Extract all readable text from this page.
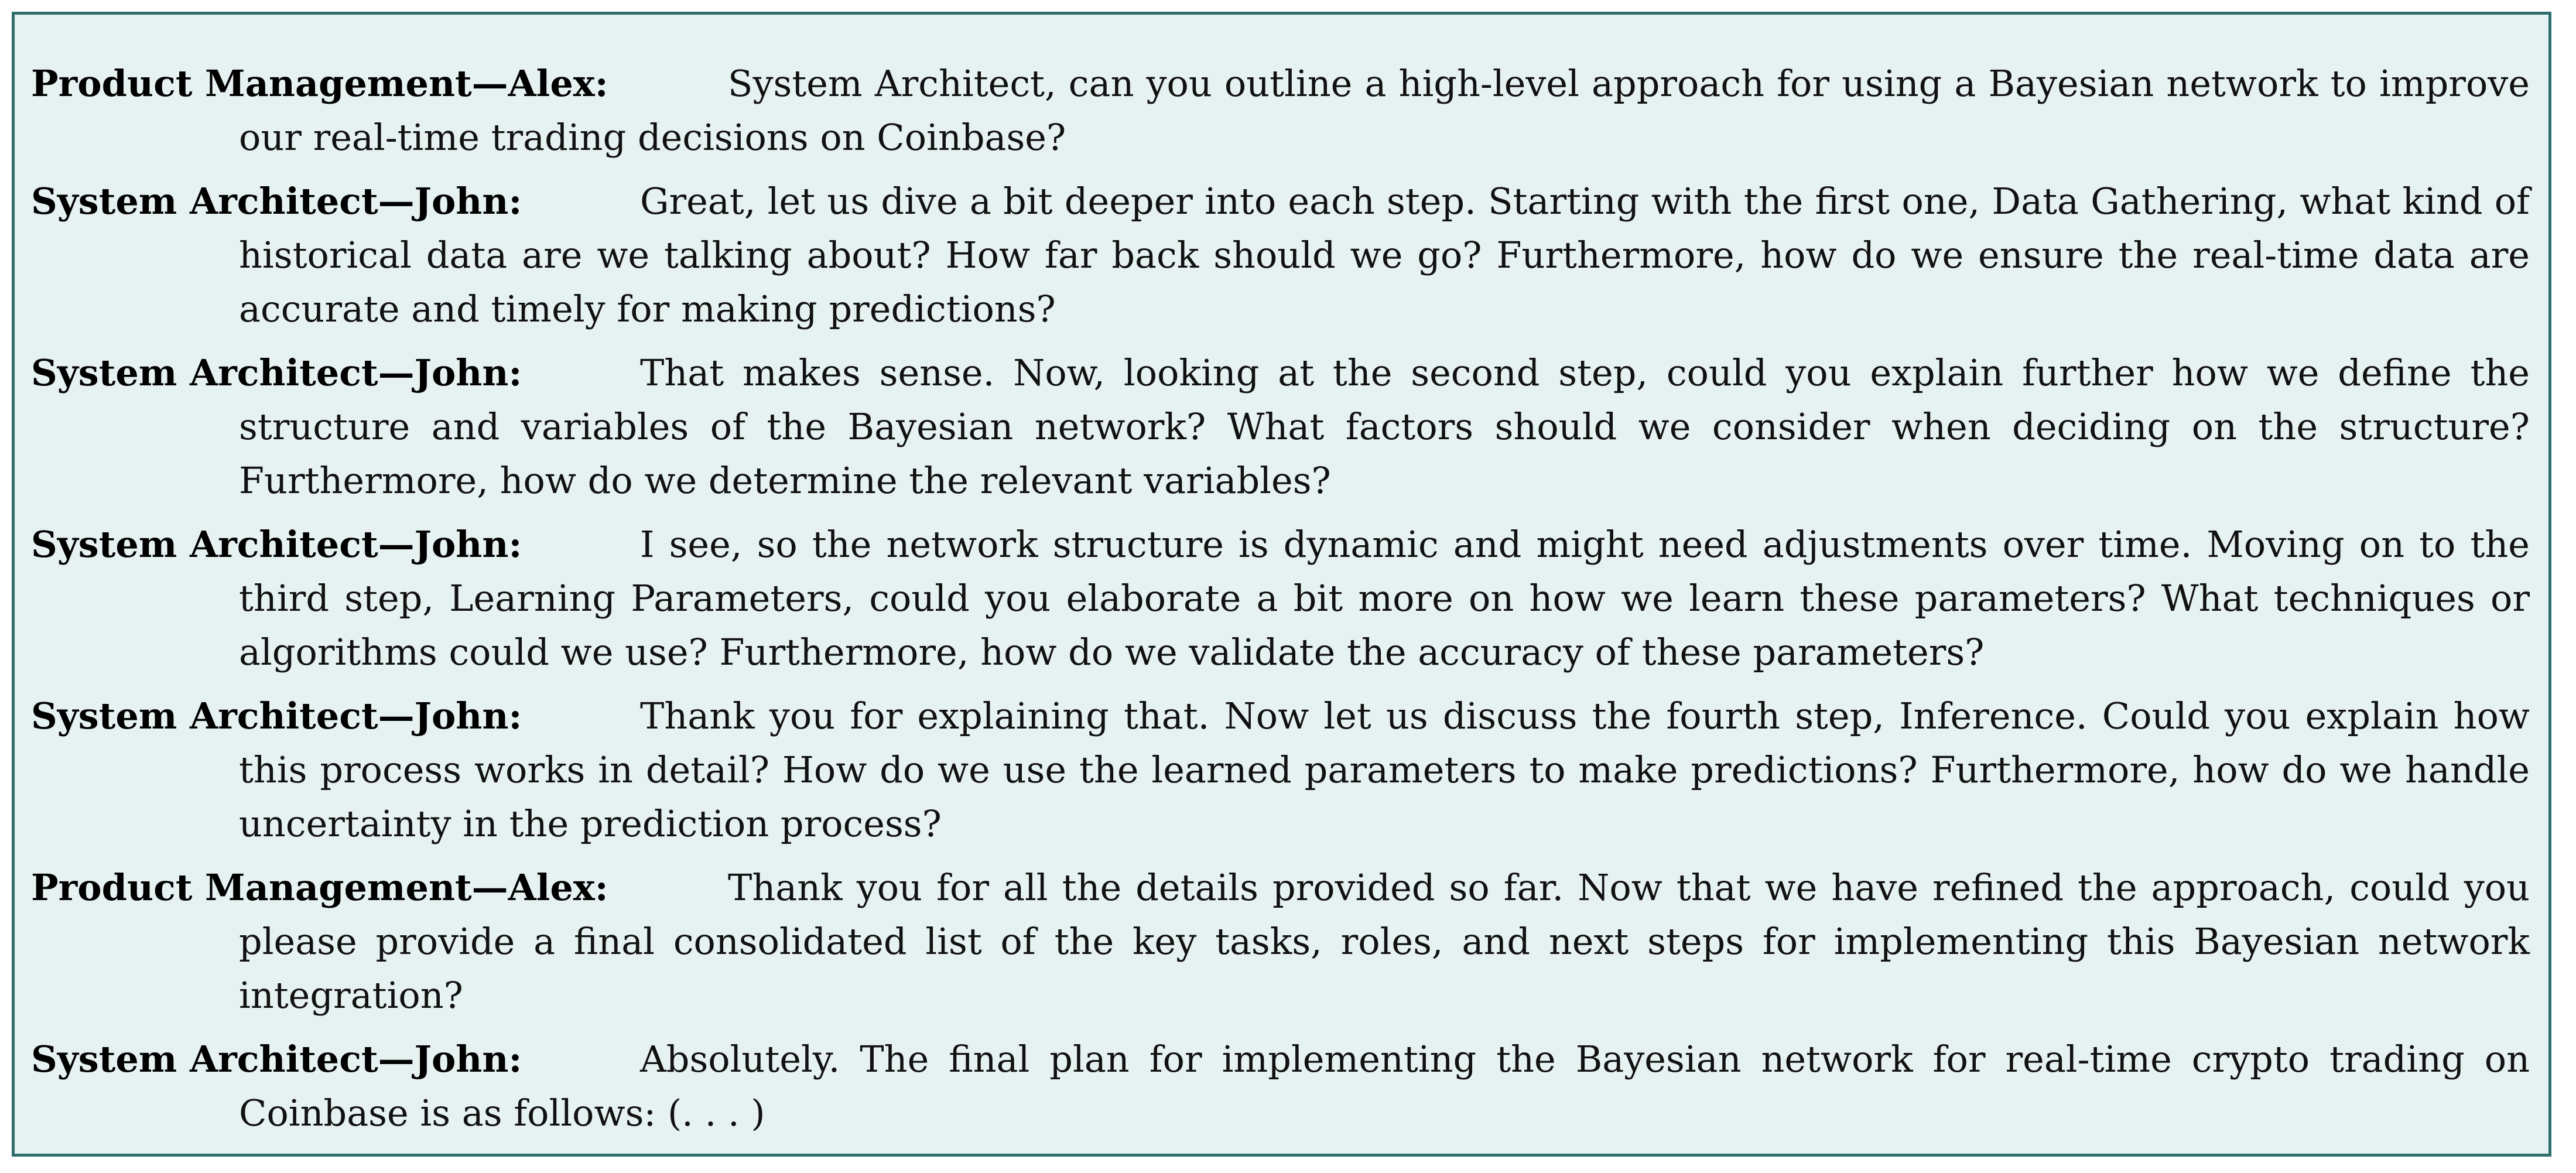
Product Management—Alex:	System Architect, can you outline a high-level approach for using a Bayesian network to improve our real-time trading decisions on Coinbase?
System Architect—John:	Great, let us dive a bit deeper into each step. Starting with the first one, Data Gathering, what kind of historical data are we talking about? How far back should we go? Furthermore, how do we ensure the real-time data are accurate and timely for making predictions?
System Architect—John:	That makes sense. Now, looking at the second step, could you explain further how we define the structure and variables of the Bayesian network? What factors should we consider when deciding on the structure? Furthermore, how do we determine the relevant variables?
System Architect—John:	I see, so the network structure is dynamic and might need adjustments over time. Moving on to the third step, Learning Parameters, could you elaborate a bit more on how we learn these parameters? What techniques or algorithms could we use? Furthermore, how do we validate the accuracy of these parameters?
System Architect—John:	Thank you for explaining that. Now let us discuss the fourth step, Inference. Could you explain how this process works in detail? How do we use the learned parameters to make predictions? Furthermore, how do we handle uncertainty in the prediction process?
Product Management—Alex:	Thank you for all the details provided so far. Now that we have refined the approach, could you please provide a final consolidated list of the key tasks, roles, and next steps for implementing this Bayesian network integration?
System Architect—John:	Absolutely. The final plan for implementing the Bayesian network for real-time crypto trading on Coinbase is as follows: (. . . )
